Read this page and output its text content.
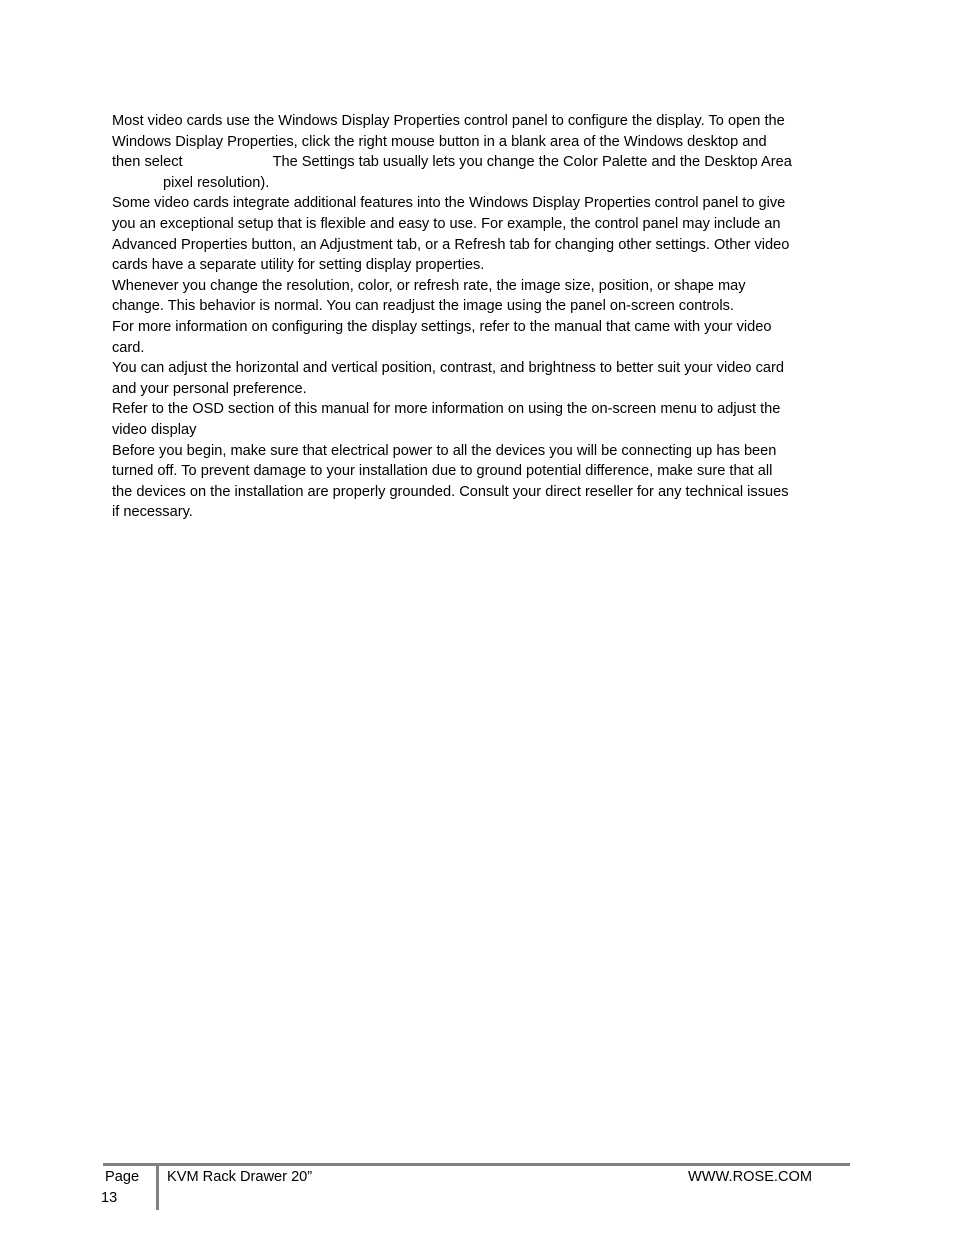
Most video cards use the Windows Display Properties control panel to configure the display. To open the
Windows Display Properties, click the right mouse button in a blank area of the Windows desktop and
then select	The Settings tab usually lets you change the Color Palette and the Desktop Area
pixel resolution).
Some video cards integrate additional features into the Windows Display Properties control panel to give
you an exceptional setup that is flexible and easy to use. For example, the control panel may include an
Advanced Properties button, an Adjustment tab, or a Refresh tab for changing other settings. Other video
cards have a separate utility for setting display properties.
Whenever you change the resolution, color, or refresh rate, the image size, position, or shape may
change. This behavior is normal. You can readjust the image using the panel on-screen controls.
For more information on configuring the display settings, refer to the manual that came with your video
card.
You can adjust the horizontal and vertical position, contrast, and brightness to better suit your video card
and your personal preference.
Refer to the OSD section of this manual for more information on using the on-screen menu to adjust the
video display
Before you begin, make sure that electrical power to all the devices you will be connecting up has been
turned off. To prevent damage to your installation due to ground potential difference, make sure that all
the devices on the installation are properly grounded. Consult your direct reseller for any technical issues
if necessary.
Page
13
KVM Rack Drawer 20”	WWW.ROSE.COM
